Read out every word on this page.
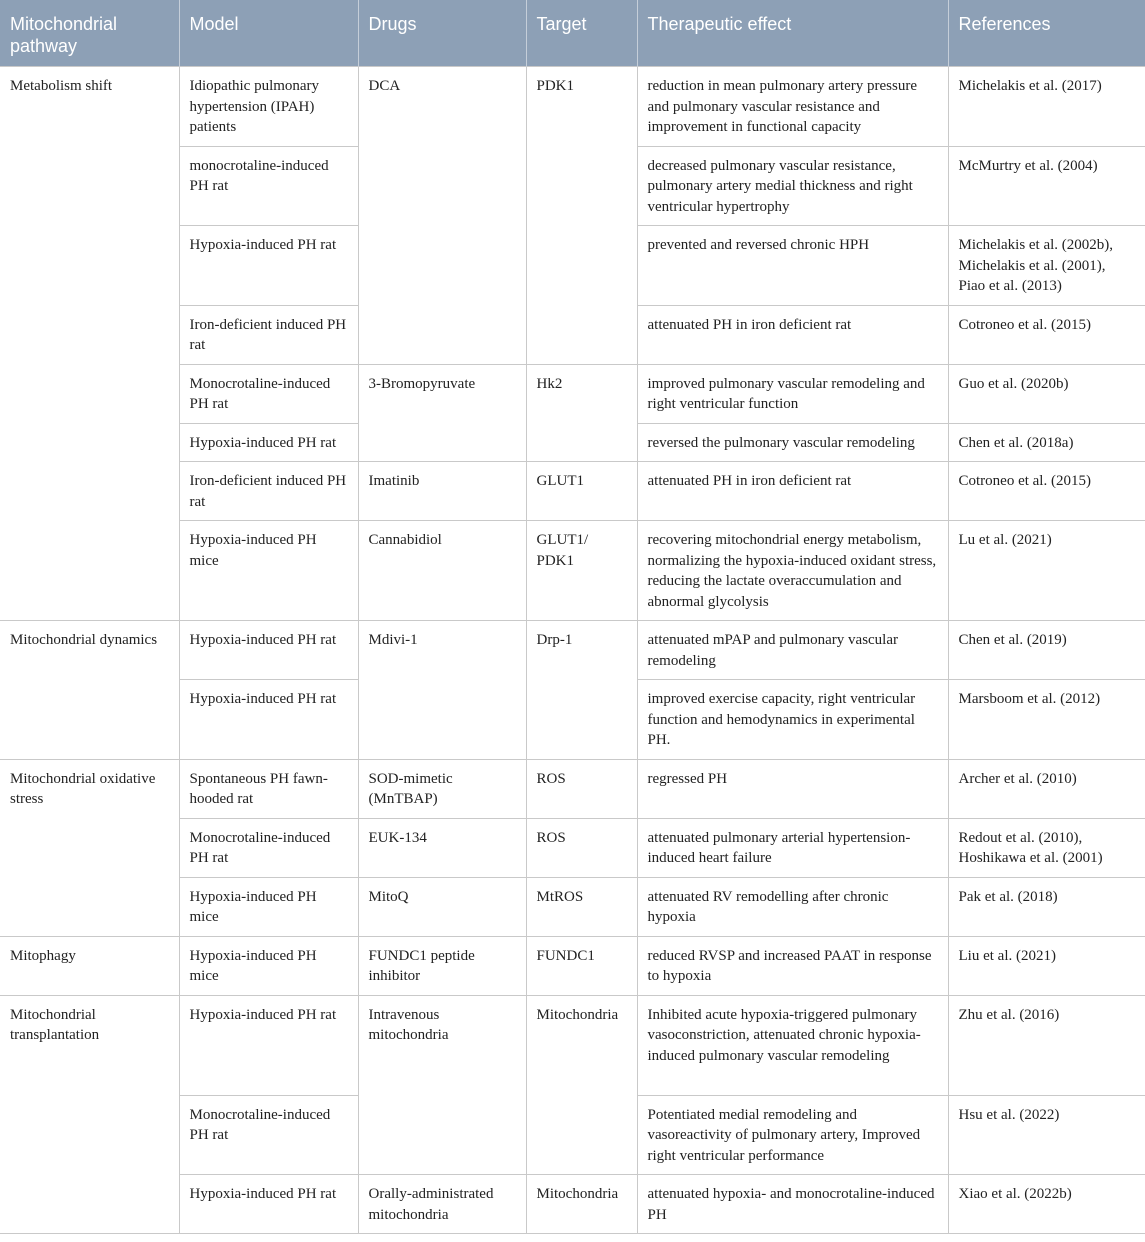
Mitochondrial pathway	Model	Drugs	Target	Therapeutic effect	References
Metabolism shift	Idiopathic pulmonary hypertension (IPAH) patients	DCA	PDK1	reduction in mean pulmonary artery pressure and pulmonary vascular resistance and improvement in functional capacity	Michelakis et al. (2017)
	monocrotaline-induced PH rat			decreased pulmonary vascular resistance, pulmonary artery medial thickness and right ventricular hypertrophy	McMurtry et al. (2004)
	Hypoxia-induced PH rat			prevented and reversed chronic HPH	Michelakis et al. (2002b), Michelakis et al. (2001), Piao et al. (2013)
	Iron-deficient induced PH rat			attenuated PH in iron deficient rat	Cotroneo et al. (2015)
	Monocrotaline-induced PH rat	3-Bromopyruvate	Hk2	improved pulmonary vascular remodeling and right ventricular function	Guo et al. (2020b)
	Hypoxia-induced PH rat			reversed the pulmonary vascular remodeling	Chen et al. (2018a)
	Iron-deficient induced PH rat	Imatinib	GLUT1	attenuated PH in iron deficient rat	Cotroneo et al. (2015)
	Hypoxia-induced PH mice	Cannabidiol	GLUT1/ PDK1	recovering mitochondrial energy metabolism, normalizing the hypoxia-induced oxidant stress, reducing the lactate overaccumulation and abnormal glycolysis	Lu et al. (2021)
Mitochondrial dynamics	Hypoxia-induced PH rat	Mdivi-1	Drp-1	attenuated mPAP and pulmonary vascular remodeling	Chen et al. (2019)
	Hypoxia-induced PH rat			improved exercise capacity, right ventricular function and hemodynamics in experimental PH.	Marsboom et al. (2012)
Mitochondrial oxidative stress	Spontaneous PH fawn-hooded rat	SOD-mimetic (MnTBAP)	ROS	regressed PH	Archer et al. (2010)
	Monocrotaline-induced PH rat	EUK-134	ROS	attenuated pulmonary arterial hypertension-induced heart failure	Redout et al. (2010), Hoshikawa et al. (2001)
	Hypoxia-induced PH mice	MitoQ	MtROS	attenuated RV remodelling after chronic hypoxia	Pak et al. (2018)
Mitophagy	Hypoxia-induced PH mice	FUNDC1 peptide inhibitor	FUNDC1	reduced RVSP and increased PAAT in response to hypoxia	Liu et al. (2021)
Mitochondrial transplantation	Hypoxia-induced PH rat	Intravenous mitochondria	Mitochondria	Inhibited acute hypoxia-triggered pulmonary vasoconstriction, attenuated chronic hypoxia-induced pulmonary vascular remodeling	Zhu et al. (2016)
	Monocrotaline-induced PH rat			Potentiated medial remodeling and vasoreactivity of pulmonary artery, Improved right ventricular performance	Hsu et al. (2022)
	Hypoxia-induced PH rat	Orally-administrated mitochondria	Mitochondria	attenuated hypoxia- and monocrotaline-induced PH	Xiao et al. (2022b)
